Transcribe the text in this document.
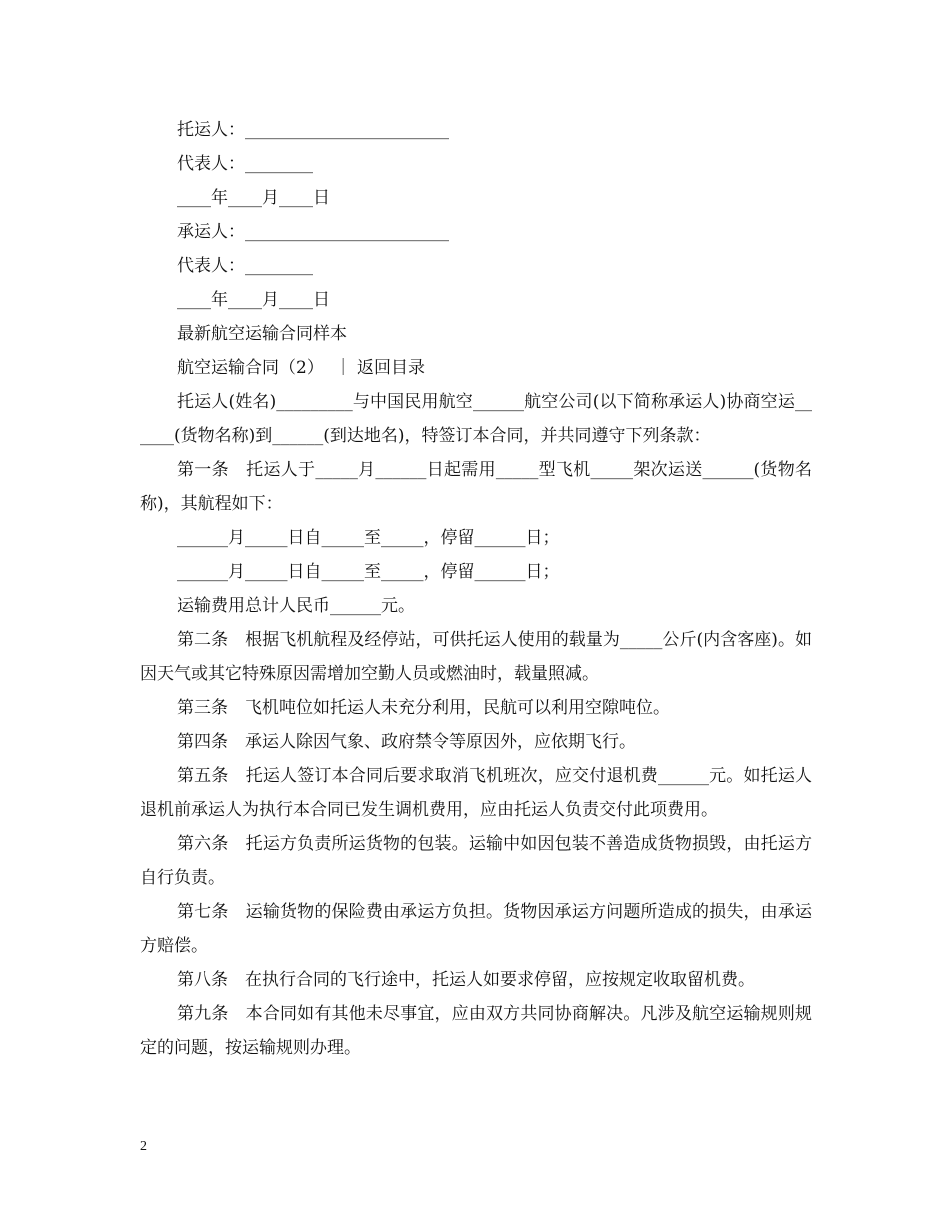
托运人：________________________
代表人：________
____年____月____日
承运人：________________________
代表人：________
____年____月____日
最新航空运输合同样本
航空运输合同（2） ｜ 返回目录

托运人(姓名)_________与中国民用航空______航空公司(以下简称承运人)协商空运______(货物名称)到______(到达地名)，特签订本合同，并共同遵守下列条款：

第一条　托运人于_____月______日起需用_____型飞机_____架次运送______(货物名称)，其航程如下：

______月_____日自_____至_____，停留______日；
______月_____日自_____至_____，停留______日；
运输费用总计人民币______元。

第二条　根据飞机航程及经停站，可供托运人使用的载量为_____公斤(内含客座)。如因天气或其它特殊原因需增加空勤人员或燃油时，载量照减。

第三条　飞机吨位如托运人未充分利用，民航可以利用空隙吨位。

第四条　承运人除因气象、政府禁令等原因外，应依期飞行。

第五条　托运人签订本合同后要求取消飞机班次，应交付退机费______元。如托运人退机前承运人为执行本合同已发生调机费用，应由托运人负责交付此项费用。

第六条　托运方负责所运货物的包装。运输中如因包装不善造成货物损毁，由托运方自行负责。

第七条　运输货物的保险费由承运方负担。货物因承运方问题所造成的损失，由承运方赔偿。

第八条　在执行合同的飞行途中，托运人如要求停留，应按规定收取留机费。

第九条　本合同如有其他未尽事宜，应由双方共同协商解决。凡涉及航空运输规则规定的问题，按运输规则办理。

2
